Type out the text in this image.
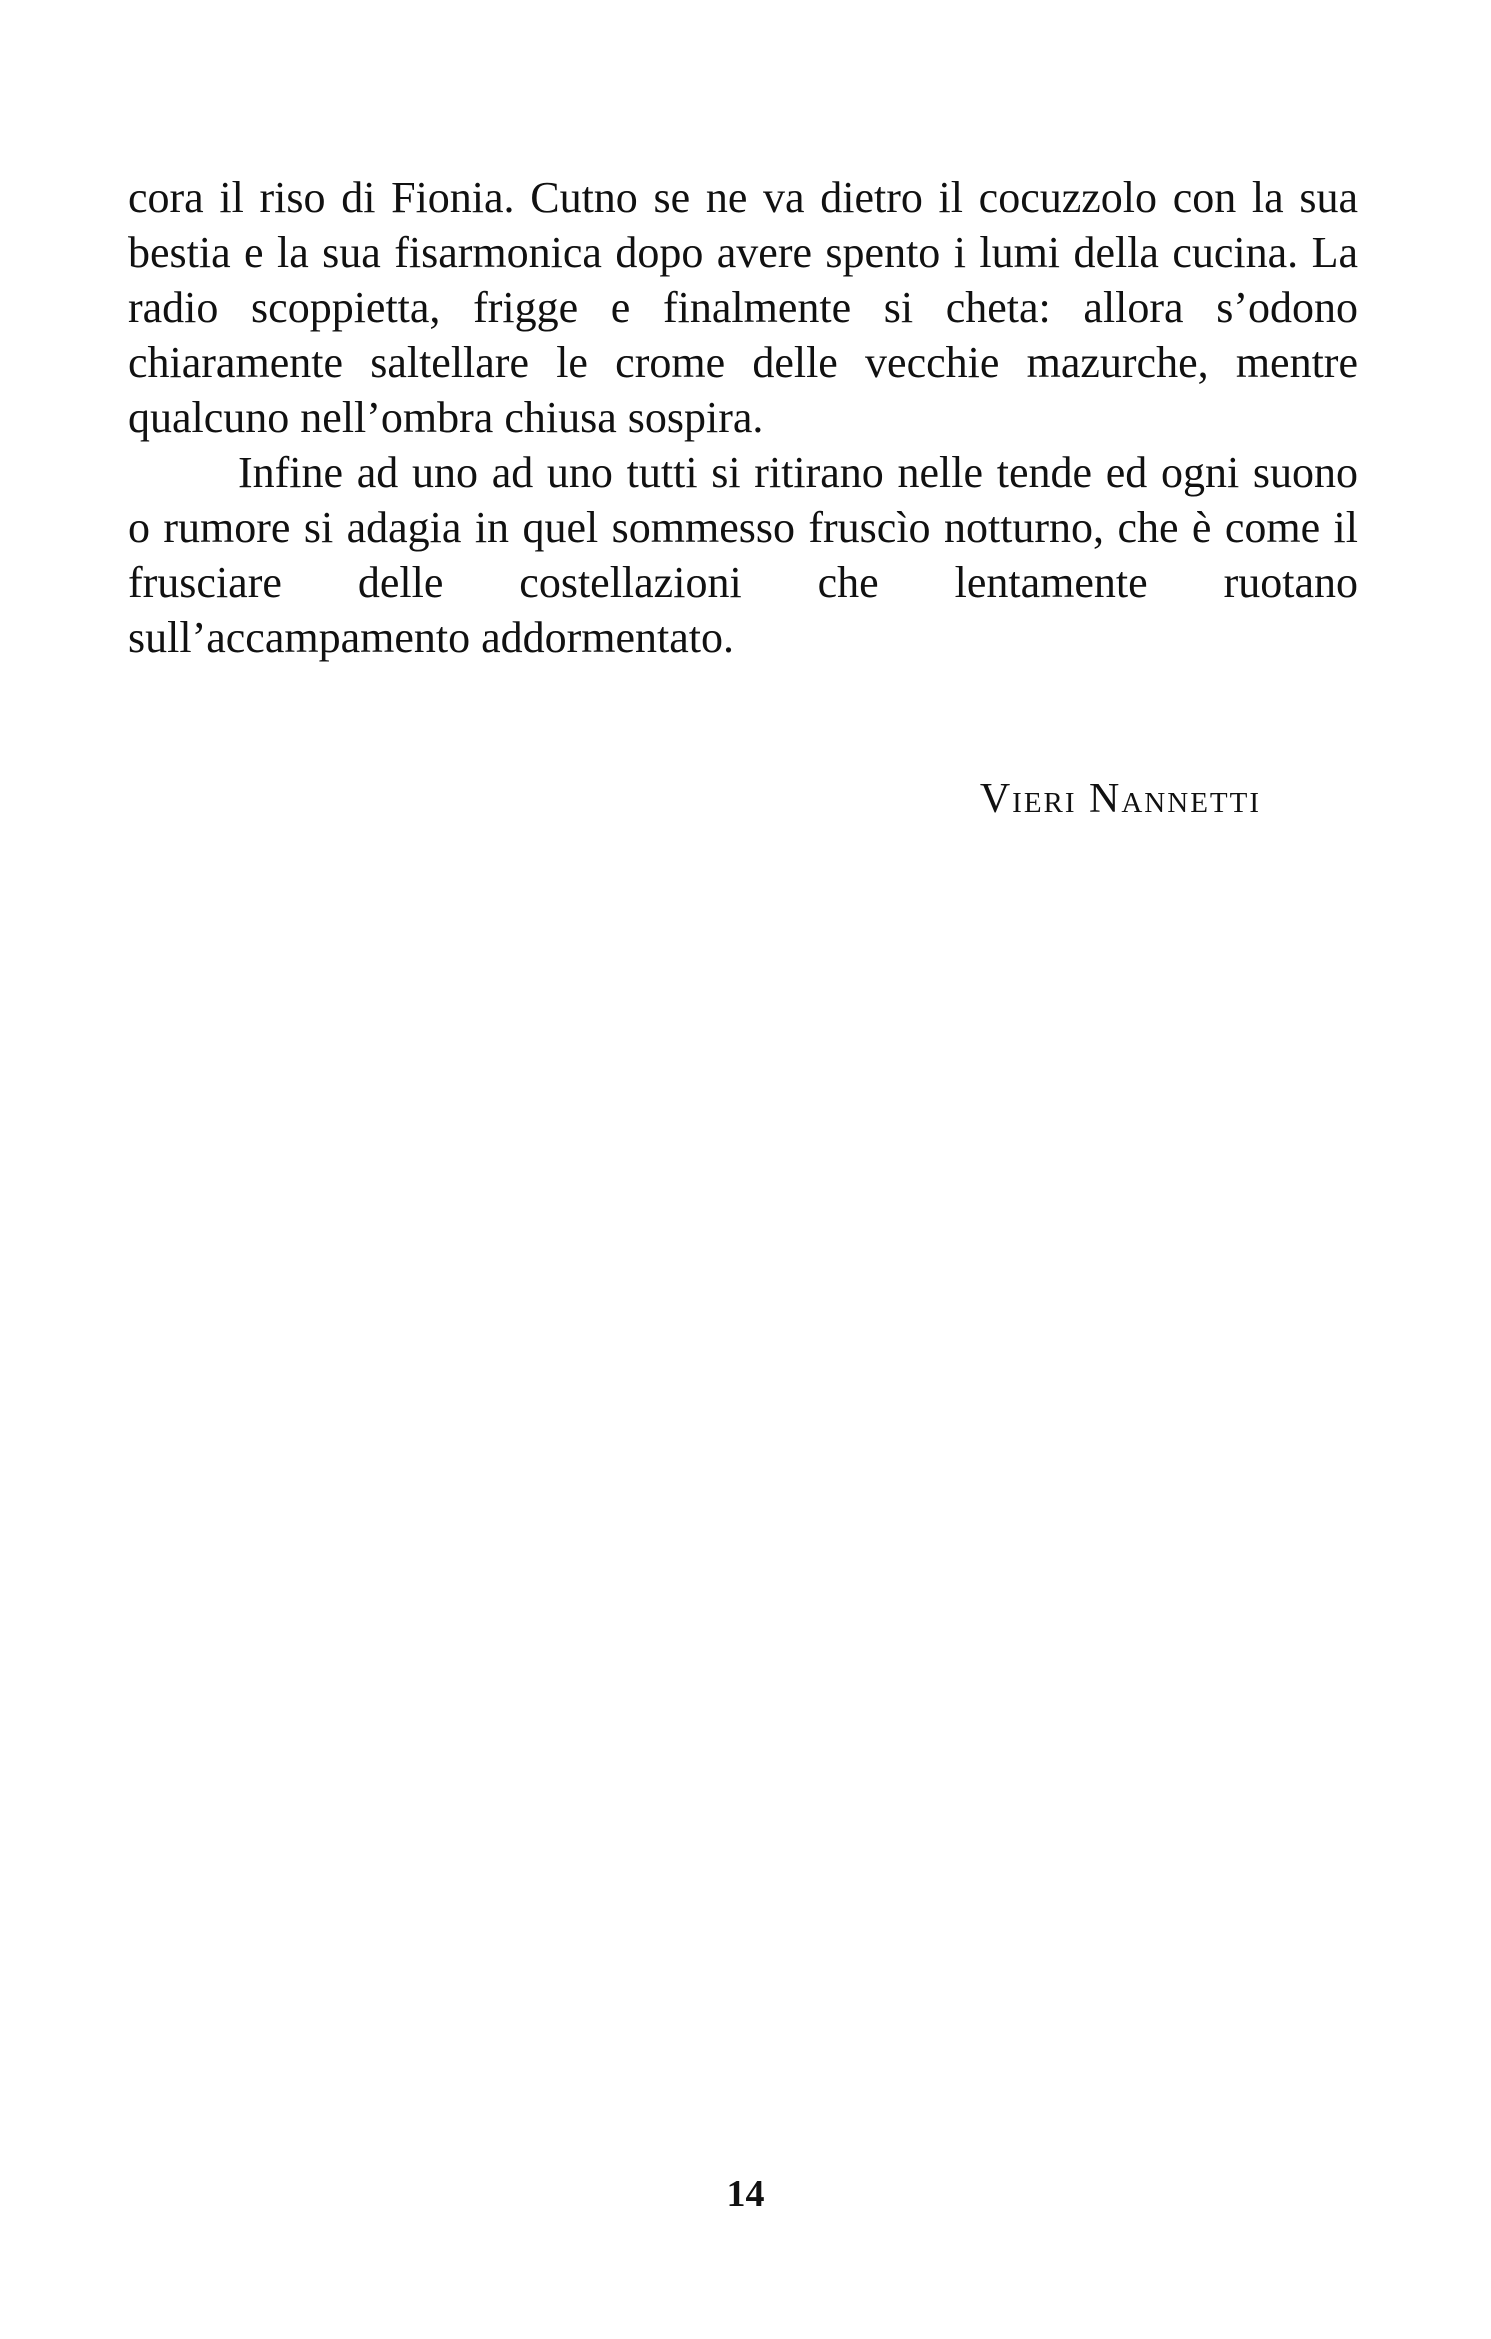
cora il riso di Fionia. Cutno se ne va dietro il cocuzzolo con la sua bestia e la sua fisarmonica dopo avere spento i lumi della cucina. La radio scoppietta, frigge e finalmente si cheta: allora s’odono chiaramente saltellare le crome delle vecchie mazurche, mentre qualcuno nell’ombra chiusa sospira.

Infine ad uno ad uno tutti si ritirano nelle tende ed ogni suono o rumore si adagia in quel sommesso fruscìo notturno, che è come il frusciare delle costellazioni che lentamente ruotano sull’accampamento addormentato.

Vieri Nannetti
14
